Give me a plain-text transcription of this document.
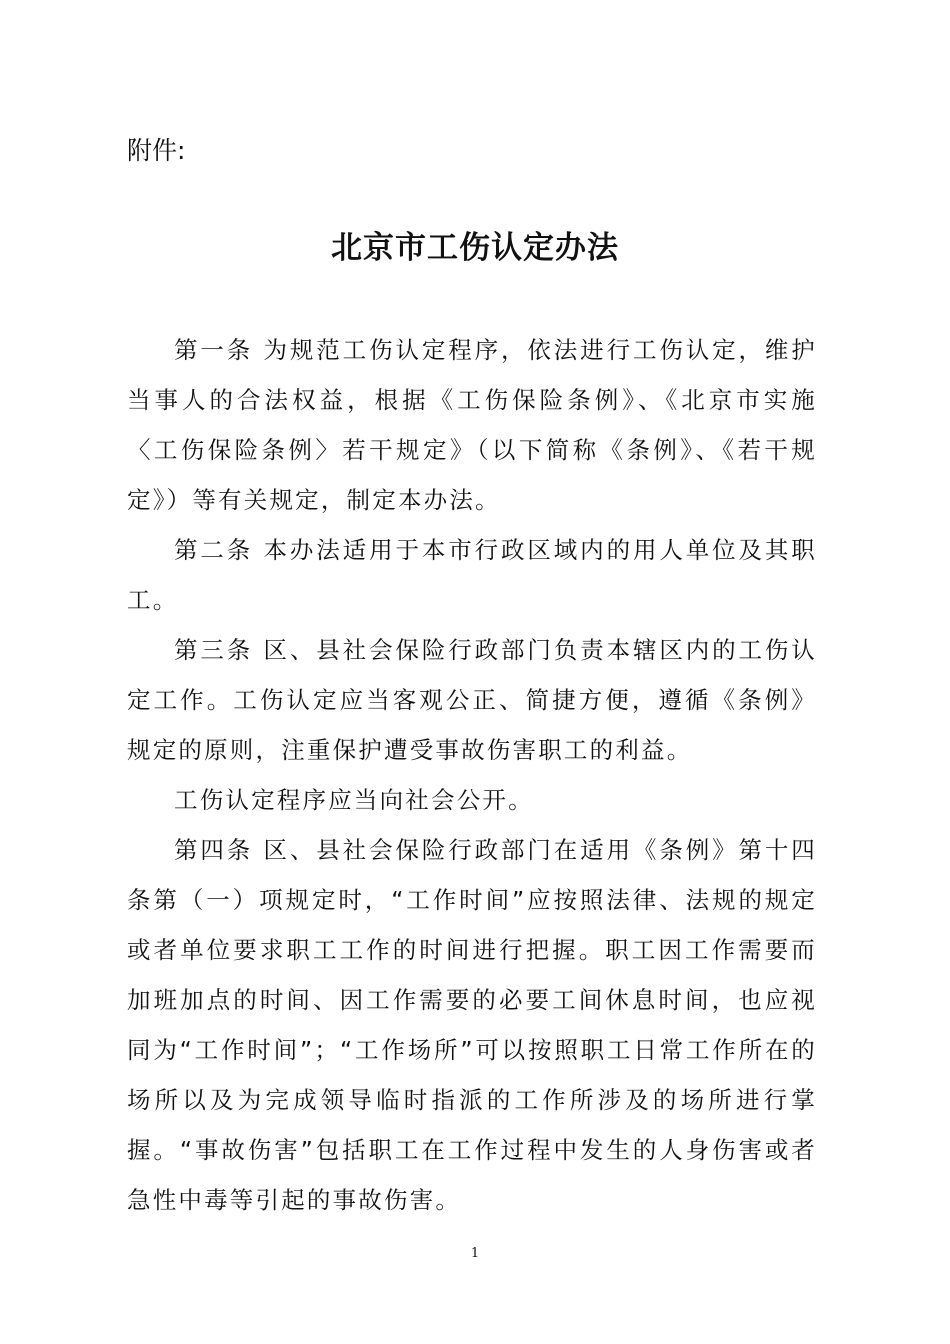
附件:
北京市工伤认定办法

第一条 为规范工伤认定程序，依法进行工伤认定，维护当事人的合法权益，根据《工伤保险条例》、《北京市实施〈工伤保险条例〉若干规定》（以下简称《条例》、《若干规定》）等有关规定，制定本办法。

第二条 本办法适用于本市行政区域内的用人单位及其职工。

第三条 区、县社会保险行政部门负责本辖区内的工伤认定工作。工伤认定应当客观公正、简捷方便，遵循《条例》规定的原则，注重保护遭受事故伤害职工的利益。

工伤认定程序应当向社会公开。

第四条 区、县社会保险行政部门在适用《条例》第十四条第（一）项规定时，“工作时间”应按照法律、法规的规定或者单位要求职工工作的时间进行把握。职工因工作需要而加班加点的时间、因工作需要的必要工间休息时间，也应视同为“工作时间”；“工作场所”可以按照职工日常工作所在的场所以及为完成领导临时指派的工作所涉及的场所进行掌握。“事故伤害”包括职工在工作过程中发生的人身伤害或者急性中毒等引起的事故伤害。

1
